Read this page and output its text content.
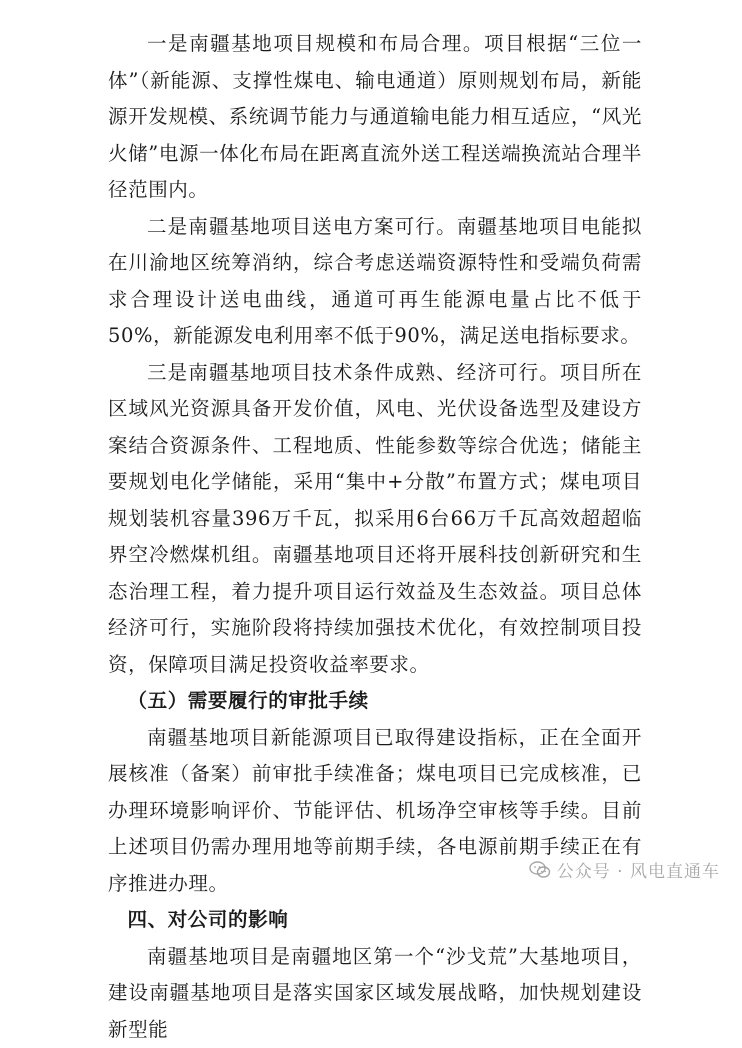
一是南疆基地项目规模和布局合理。项目根据“三位一体”（新能源、支撑性煤电、输电通道）原则规划布局，新能源开发规模、系统调节能力与通道输电能力相互适应，“风光火储”电源一体化布局在距离直流外送工程送端换流站合理半径范围内。

二是南疆基地项目送电方案可行。南疆基地项目电能拟在川渝地区统筹消纳，综合考虑送端资源特性和受端负荷需求合理设计送电曲线，通道可再生能源电量占比不低于50%，新能源发电利用率不低于90%，满足送电指标要求。

三是南疆基地项目技术条件成熟、经济可行。项目所在区域风光资源具备开发价值，风电、光伏设备选型及建设方案结合资源条件、工程地质、性能参数等综合优选；储能主要规划电化学储能，采用“集中+分散”布置方式；煤电项目规划装机容量396万千瓦，拟采用6台66万千瓦高效超超临界空冷燃煤机组。南疆基地项目还将开展科技创新研究和生态治理工程，着力提升项目运行效益及生态效益。项目总体经济可行，实施阶段将持续加强技术优化，有效控制项目投资，保障项目满足投资收益率要求。

（五）需要履行的审批手续

南疆基地项目新能源项目已取得建设指标，正在全面开展核准（备案）前审批手续准备；煤电项目已完成核准，已办理环境影响评价、节能评估、机场净空审核等手续。目前上述项目仍需办理用地等前期手续，各电源前期手续正在有序推进办理。

四、对公司的影响

南疆基地项目是南疆地区第一个“沙戈荒”大基地项目，建设南疆基地项目是落实国家区域发展战略，加快规划建设新型能

公众号 · 风电直通车
